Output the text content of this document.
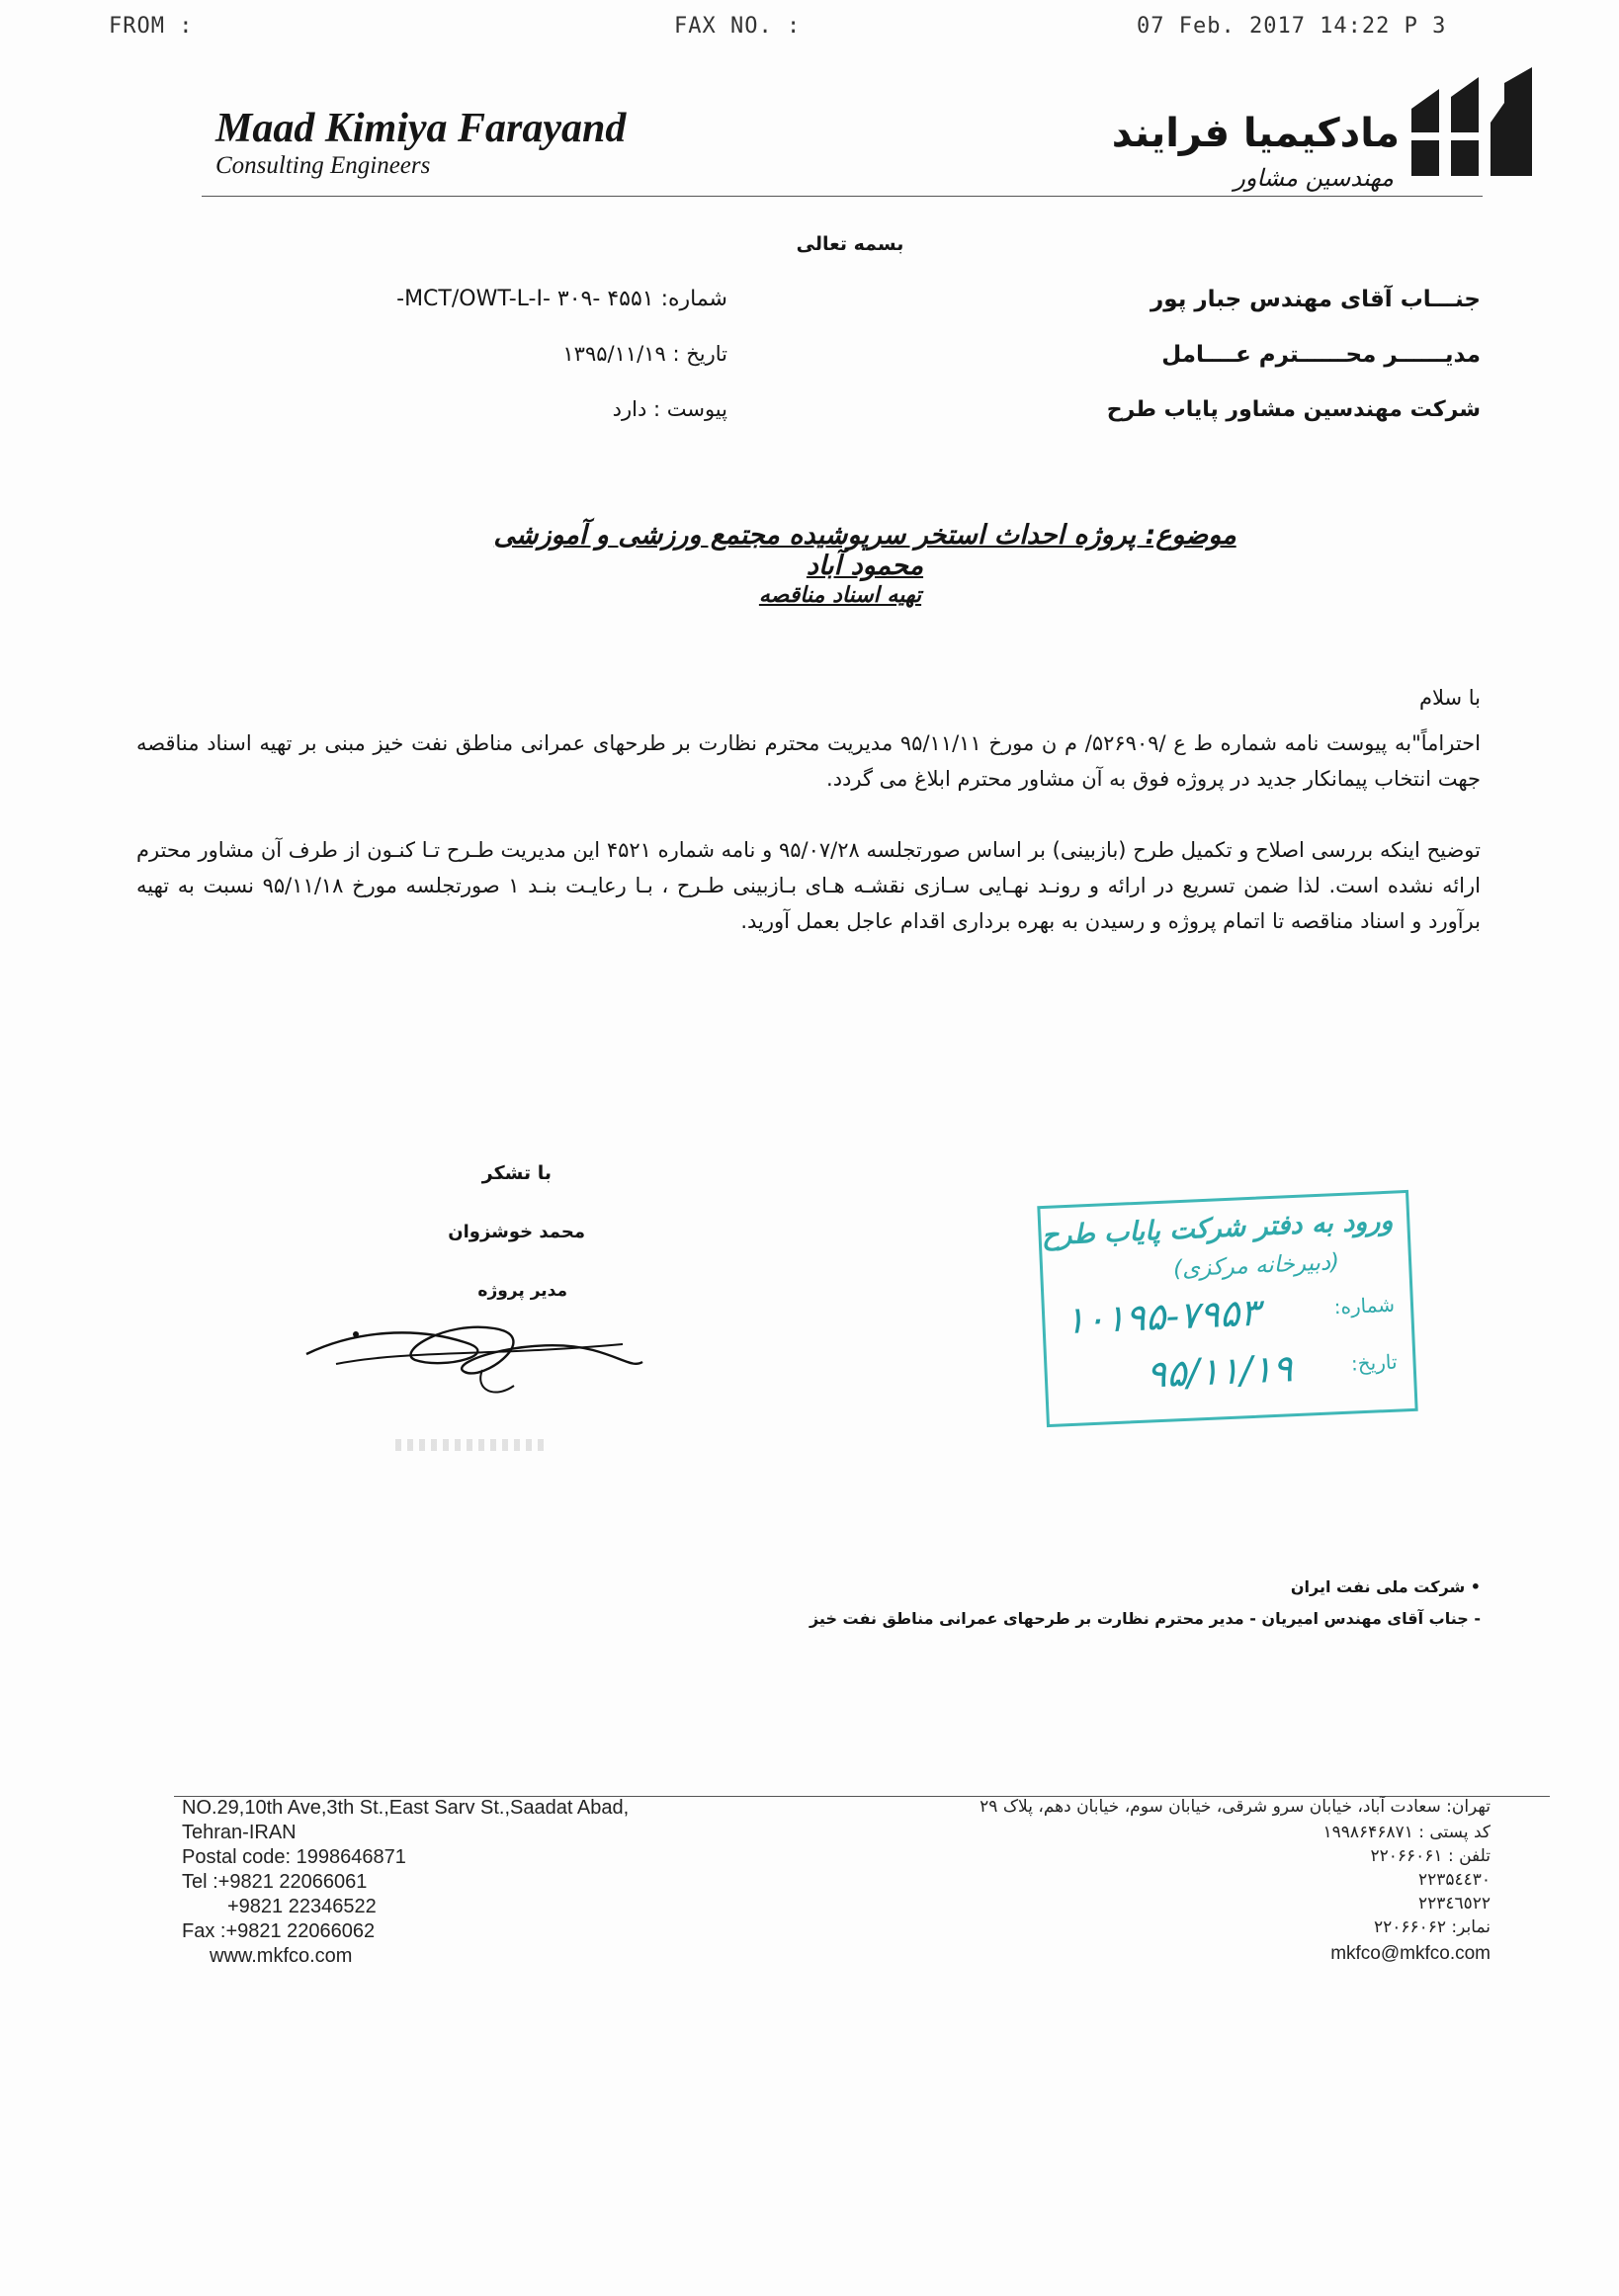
FROM :	FAX NO. :	07 Feb. 2017 14:22 P 3
Maad Kimiya Farayand
Consulting Engineers
مادکیمیا فرایند
مهندسین مشاور
بسمه تعالی
جنـــاب آقای مهندس جبار پور
مدیــــــر محــــــترم عــــامل
شرکت مهندسین مشاور پایاب طرح
شماره: ۴۵۵۱ -MCT/OWT-L-I- ۳۰۹-
تاریخ : ۱۳۹۵/۱۱/۱۹
پیوست : دارد
موضوع: پروژه احداث استخر سرپوشیده مجتمع ورزشی و آموزشی محمود آباد
تهیه اسناد مناقصه
با سلام
احتراماً"به پیوست نامه شماره ط ع /۵۲۶۹۰۹/ م ن مورخ ۹۵/۱۱/۱۱ مدیریت محترم نظارت بر طرحهای عمرانی مناطق نفت خیز مبنی بر تهیه اسناد مناقصه جهت انتخاب پیمانکار جدید در پروژه فوق به آن مشاور محترم ابلاغ می گردد.
توضیح اینکه بررسی اصلاح و تکمیل طرح (بازبینی) بر اساس صورتجلسه ۹۵/۰۷/۲۸ و نامه شماره ۴۵۲۱ این مدیریت طـرح تـا کنـون از طرف آن مشاور محترم ارائه نشده است. لذا ضمن تسریع در ارائه و رونـد نهـایی سـازی نقشـه هـای بـازبینی طـرح ، بـا رعایـت بنـد ۱ صورتجلسه مورخ ۹۵/۱۱/۱۸ نسبت به تهیه برآورد و اسناد مناقصه تا اتمام پروژه و رسیدن به بهره برداری اقدام عاجل بعمل آورید.
با تشکر
محمد خوشزوان
مدیر پروژه
ورود به دفتر شرکت پایاب طرح
(دبیرخانه مرکزی)
شماره:
۱۰۱۹۵-۷۹۵۳
تاریخ:
۹۵/۱۱/۱۹
• شرکت ملی نفت ایران
- جناب آقای مهندس امیریان - مدیر محترم نظارت بر طرحهای عمرانی مناطق نفت خیز
NO.29,10th Ave,3th St.,East Sarv St.,Saadat Abad,
Tehran-IRAN
Postal code: 1998646871
Tel :+9821 22066061
+9821 22346522
Fax :+9821 22066062
www.mkfco.com
تهران: سعادت آباد، خیابان سرو شرقی، خیابان سوم، خیابان دهم، پلاک ۲۹
کد پستی : ۱۹۹۸۶۴۶۸۷۱
تلفن : ۲۲۰۶۶۰۶۱
۲۲۳۵٤٤۳۰
۲۲۳٤٦٥۲۲
نمابر: ۲۲۰۶۶۰۶۲
mkfco@mkfco.com
